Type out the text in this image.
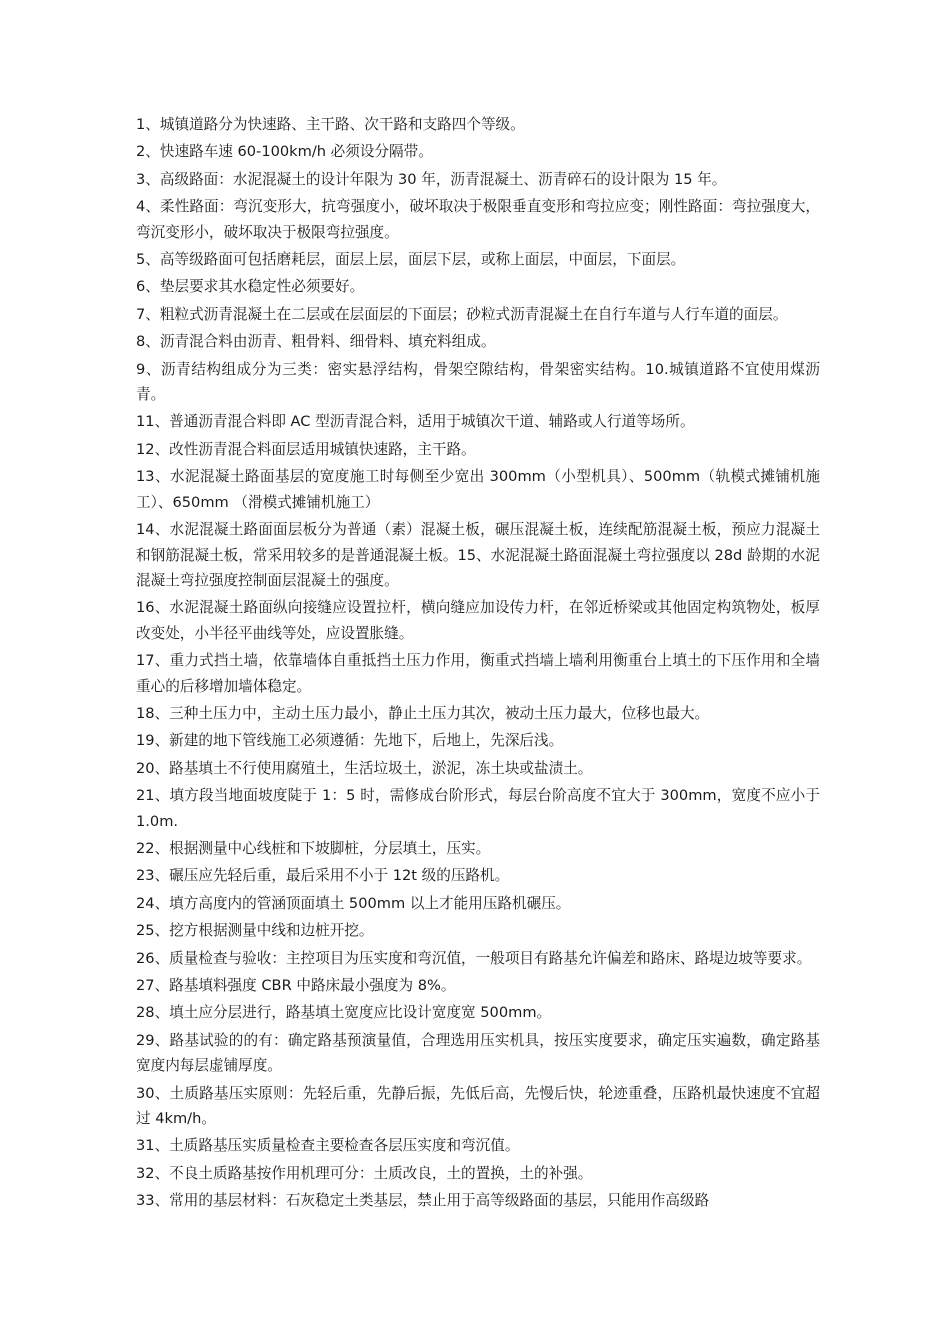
1、城镇道路分为快速路、主干路、次干路和支路四个等级。

2、快速路车速 60-100km/h 必须设分隔带。

3、高级路面：水泥混凝土的设计年限为 30 年，沥青混凝土、沥青碎石的设计限为 15 年。

4、柔性路面：弯沉变形大，抗弯强度小，破坏取决于极限垂直变形和弯拉应变；刚性路面：弯拉强度大，弯沉变形小，破坏取决于极限弯拉强度。

5、高等级路面可包括磨耗层，面层上层，面层下层，或称上面层，中面层，下面层。

6、垫层要求其水稳定性必须要好。

7、粗粒式沥青混凝土在二层或在层面层的下面层；砂粒式沥青混凝土在自行车道与人行车道的面层。

8、沥青混合料由沥青、粗骨料、细骨料、填充料组成。

9、沥青结构组成分为三类：密实悬浮结构，骨架空隙结构，骨架密实结构。10.城镇道路不宜使用煤沥青。

11、普通沥青混合料即 AC 型沥青混合料，适用于城镇次干道、辅路或人行道等场所。

12、改性沥青混合料面层适用城镇快速路，主干路。

13、水泥混凝土路面基层的宽度施工时每侧至少宽出 300mm（小型机具）、500mm（轨模式摊铺机施工）、650mm （滑模式摊铺机施工）

14、水泥混凝土路面面层板分为普通（素）混凝土板，碾压混凝土板，连续配筋混凝土板，预应力混凝土和钢筋混凝土板，常采用较多的是普通混凝土板。15、水泥混凝土路面混凝土弯拉强度以 28d 龄期的水泥混凝土弯拉强度控制面层混凝土的强度。

16、水泥混凝土路面纵向接缝应设置拉杆，横向缝应加设传力杆，在邻近桥梁或其他固定构筑物处，板厚改变处，小半径平曲线等处，应设置胀缝。

17、重力式挡土墙，依靠墙体自重抵挡土压力作用，衡重式挡墙上墙利用衡重台上填土的下压作用和全墙重心的后移增加墙体稳定。

18、三种土压力中，主动土压力最小，静止土压力其次，被动土压力最大，位移也最大。

19、新建的地下管线施工必须遵循：先地下，后地上，先深后浅。

20、路基填土不行使用腐殖土，生活垃圾土，淤泥，冻土块或盐渍土。

21、填方段当地面坡度陡于 1：5 时，需修成台阶形式，每层台阶高度不宜大于 300mm，宽度不应小于 1.0m.

22、根据测量中心线桩和下坡脚桩，分层填土，压实。

23、碾压应先轻后重，最后采用不小于 12t 级的压路机。

24、填方高度内的管涵顶面填土 500mm 以上才能用压路机碾压。

25、挖方根据测量中线和边桩开挖。

26、质量检查与验收：主控项目为压实度和弯沉值，一般项目有路基允许偏差和路床、路堤边坡等要求。

27、路基填料强度 CBR 中路床最小强度为 8%。

28、填土应分层进行，路基填土宽度应比设计宽度宽 500mm。

29、路基试验的的有：确定路基预演量值，合理选用压实机具，按压实度要求，确定压实遍数，确定路基宽度内每层虚铺厚度。

30、土质路基压实原则：先轻后重，先静后振，先低后高，先慢后快，轮迹重叠，压路机最快速度不宜超过 4km/h。

31、土质路基压实质量检查主要检查各层压实度和弯沉值。

32、不良土质路基按作用机理可分：土质改良，土的置换，土的补强。

33、常用的基层材料：石灰稳定土类基层，禁止用于高等级路面的基层，只能用作高级路
